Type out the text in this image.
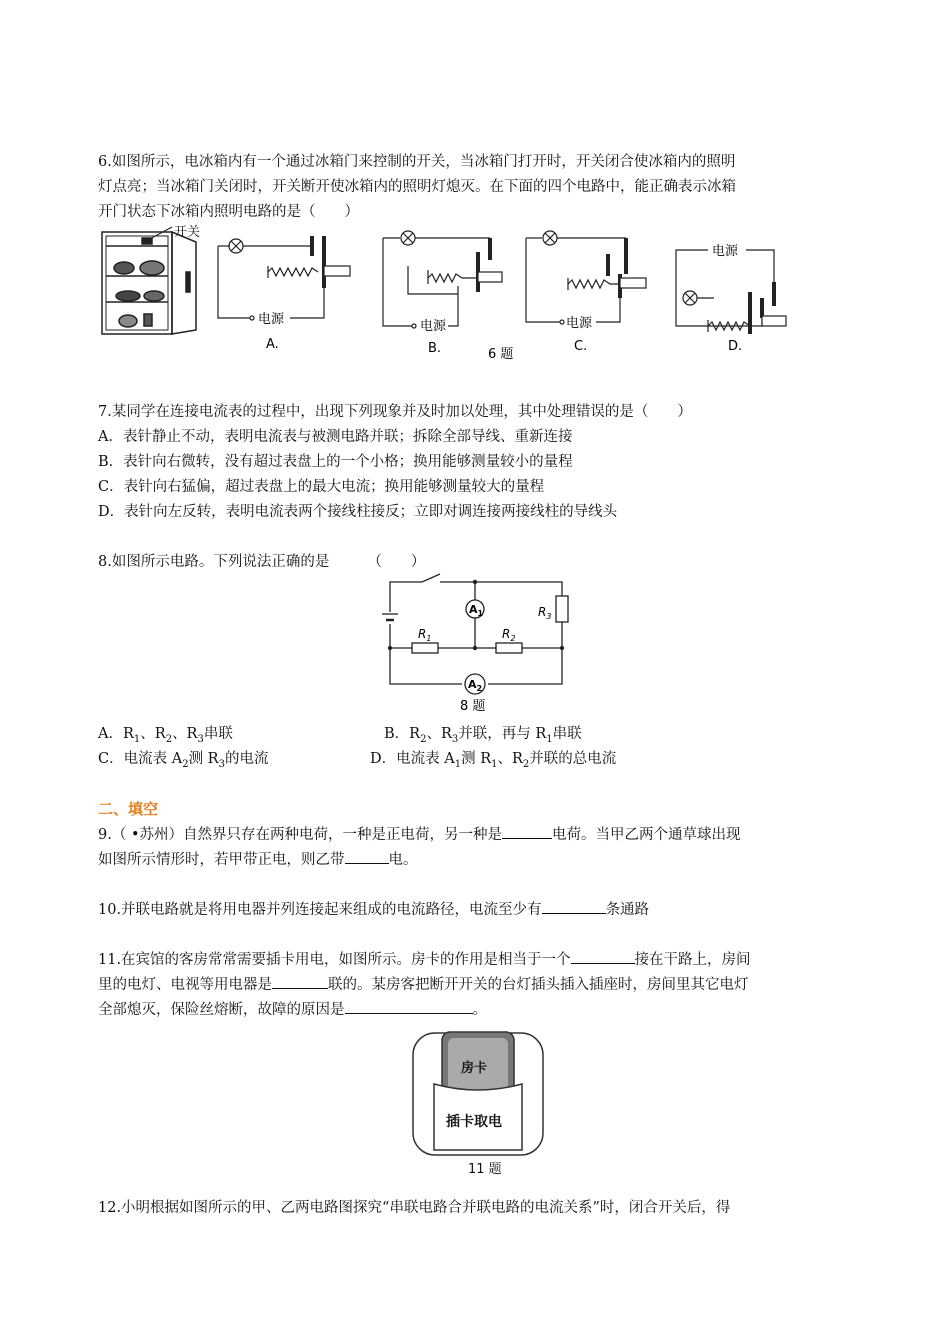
6.如图所示，电冰箱内有一个通过冰箱门来控制的开关，当冰箱门打开时，开关闭合使冰箱内的照明
灯点亮；当冰箱门关闭时，开关断开使冰箱内的照明灯熄灭。在下面的四个电路中，能正确表示冰箱
开门状态下冰箱内照明电路的是（　　）
开关
电源
A.
电源
B.	6 题
电源
C.
电源
D.
7.某同学在连接电流表的过程中，出现下列现象并及时加以处理，其中处理错误的是（　　）
A．表针静止不动，表明电流表与被测电路并联；拆除全部导线、重新连接
B．表针向右微转，没有超过表盘上的一个小格；换用能够测量较小的量程
C．表针向右猛偏，超过表盘上的最大电流；换用能够测量较大的量程
D．表针向左反转，表明电流表两个接线柱接反；立即对调连接两接线柱的导线头
8.如图所示电路。下列说法正确的是	（　　）
$A_1$
$A_2$
$R_1$	$R_2$
$R_3$
8 题
A．$R_1$、$R_2$、$R_3$串联	B．$R_2$、$R_3$并联，再与 $R_1$串联
C．电流表 $A_2$测 $R_3$的电流	D．电流表 $A_1$测 $R_1$、$R_2$并联的总电流
二、填空
9.（ •苏州）自然界只存在两种电荷，一种是正电荷，另一种是	电荷。当甲乙两个通草球出现
如图所示情形时，若甲带正电，则乙带	电。
10.并联电路就是将用电器并列连接起来组成的电流路径，电流至少有	条通路
11.在宾馆的客房常常需要插卡用电，如图所示。房卡的作用是相当于一个	接在干路上，房间
里的电灯、电视等用电器是	联的。某房客把断开开关的台灯插头插入插座时，房间里其它电灯
全部熄灭，保险丝熔断，故障的原因是	。
房卡
插卡取电
11 题
12.小明根据如图所示的甲、乙两电路图探究“串联电路合并联电路的电流关系”时，闭合开关后，得
